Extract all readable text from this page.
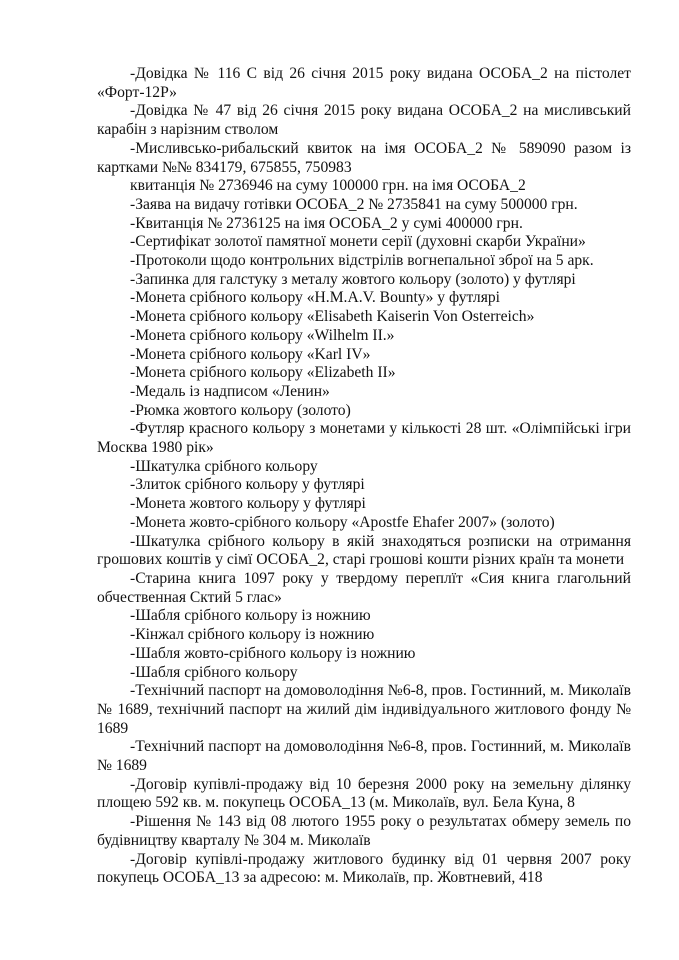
-Довідка № 116 С від 26 січня 2015 року видана ОСОБА_2 на пістолет «Форт-12Р»

-Довідка № 47 від 26 січня 2015 року видана ОСОБА_2 на мисливський карабін з нарізним стволом

-Мисливсько-рибальский квиток на імя ОСОБА_2 № 589090 разом із картками №№ 834179, 675855, 750983

квитанція № 2736946 на суму 100000 грн. на імя ОСОБА_2

-Заява на видачу готівки ОСОБА_2 № 2735841 на суму 500000 грн.

-Квитанція № 2736125 на імя ОСОБА_2 у сумі 400000 грн.

-Сертифікат золотої памятної монети серії (духовні скарби України»

-Протоколи щодо контрольних відстрілів вогнепальної зброї на 5 арк.

-Запинка для галстуку з металу жовтого кольору (золото) у футлярі

-Монета срібного кольору «H.M.A.V. Bounty» у футлярі

-Монета срібного кольору «Elisabeth Kaiserin Von Osterreich»

-Монета срібного кольору «Wilhelm II.»

-Монета срібного кольору «Karl IV»

-Монета срібного кольору «Elizabeth II»

-Медаль із надписом «Ленин»

-Рюмка жовтого кольору (золото)

-Футляр красного кольору з монетами у кількості 28 шт. «Олімпійські ігри Москва 1980 рік»

-Шкатулка срібного кольору

-Злиток срібного кольору у футлярі

-Монета жовтого кольору у футлярі

-Монета жовто-срібного кольору «Apostfe Ehafer 2007» (золото)

-Шкатулка срібного кольору в якій знаходяться розписки на отримання грошових коштів у сімї ОСОБА_2, старі грошові кошти різних країн та монети

-Старина книга 1097 року у твердому переплїт «Сия книга глагольний обчественная Сктий 5 глас»

-Шабля срібного кольору із ножнию

-Кінжал срібного кольору із ножнию

-Шабля жовто-срібного кольору із ножнию

-Шабля срібного кольору

-Технічний паспорт на домоволодіння №6-8, пров. Гостинний, м. Миколаїв № 1689, технічний паспорт на жилий дім індивідуального житлового фонду № 1689

-Технічний паспорт на домоволодіння №6-8, пров. Гостинний, м. Миколаїв № 1689

-Договір купівлі-продажу від 10 березня 2000 року на земельну ділянку площею 592 кв. м. покупець ОСОБА_13 (м. Миколаїв, вул. Бела Куна, 8

-Рішення № 143 від 08 лютого 1955 року о результатах обмеру земель по будівництву кварталу № 304 м. Миколаїв

-Договір купівлі-продажу житлового будинку від 01 червня 2007 року покупець ОСОБА_13 за адресою: м. Миколаїв, пр. Жовтневий, 418
